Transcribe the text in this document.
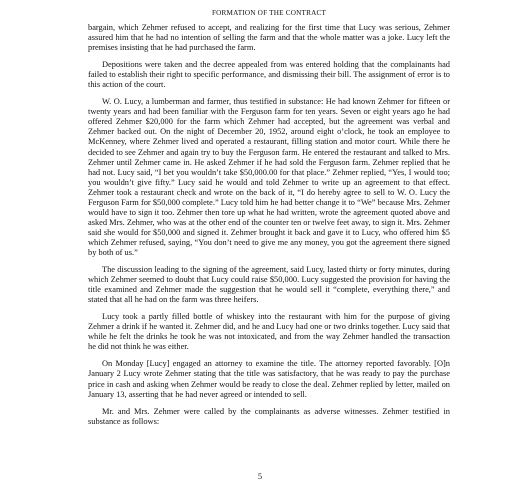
FORMATION OF THE CONTRACT

bargain, which Zehmer refused to accept, and realizing for the first time that Lucy was serious, Zehmer assured him that he had no intention of selling the farm and that the whole matter was a joke. Lucy left the premises insisting that he had purchased the farm.

Depositions were taken and the decree appealed from was entered holding that the complainants had failed to establish their right to specific performance, and dismissing their bill. The assignment of error is to this action of the court.

W. O. Lucy, a lumberman and farmer, thus testified in substance: He had known Zehmer for fifteen or twenty years and had been familiar with the Ferguson farm for ten years. Seven or eight years ago he had offered Zehmer $20,000 for the farm which Zehmer had accepted, but the agreement was verbal and Zehmer backed out. On the night of December 20, 1952, around eight o’clock, he took an employee to McKenney, where Zehmer lived and operated a restaurant, filling station and motor court. While there he decided to see Zehmer and again try to buy the Ferguson farm. He entered the restaurant and talked to Mrs. Zehmer until Zehmer came in. He asked Zehmer if he had sold the Ferguson farm. Zehmer replied that he had not. Lucy said, “I bet you wouldn’t take $50,000.00 for that place.” Zehmer replied, “Yes, I would too; you wouldn’t give fifty.” Lucy said he would and told Zehmer to write up an agreement to that effect. Zehmer took a restaurant check and wrote on the back of it, “I do hereby agree to sell to W. O. Lucy the Ferguson Farm for $50,000 complete.” Lucy told him he had better change it to “We” because Mrs. Zehmer would have to sign it too. Zehmer then tore up what he had written, wrote the agreement quoted above and asked Mrs. Zehmer, who was at the other end of the counter ten or twelve feet away, to sign it. Mrs. Zehmer said she would for $50,000 and signed it. Zehmer brought it back and gave it to Lucy, who offered him $5 which Zehmer refused, saying, “You don’t need to give me any money, you got the agreement there signed by both of us.”

The discussion leading to the signing of the agreement, said Lucy, lasted thirty or forty minutes, during which Zehmer seemed to doubt that Lucy could raise $50,000. Lucy suggested the provision for having the title examined and Zehmer made the suggestion that he would sell it “complete, everything there,” and stated that all he had on the farm was three heifers.

Lucy took a partly filled bottle of whiskey into the restaurant with him for the purpose of giving Zehmer a drink if he wanted it. Zehmer did, and he and Lucy had one or two drinks together. Lucy said that while he felt the drinks he took he was not intoxicated, and from the way Zehmer handled the transaction he did not think he was either.

On Monday [Lucy] engaged an attorney to examine the title. The attorney reported favorably. [O]n January 2 Lucy wrote Zehmer stating that the title was satisfactory, that he was ready to pay the purchase price in cash and asking when Zehmer would be ready to close the deal. Zehmer replied by letter, mailed on January 13, asserting that he had never agreed or intended to sell.

Mr. and Mrs. Zehmer were called by the complainants as adverse witnesses. Zehmer testified in substance as follows:

5
